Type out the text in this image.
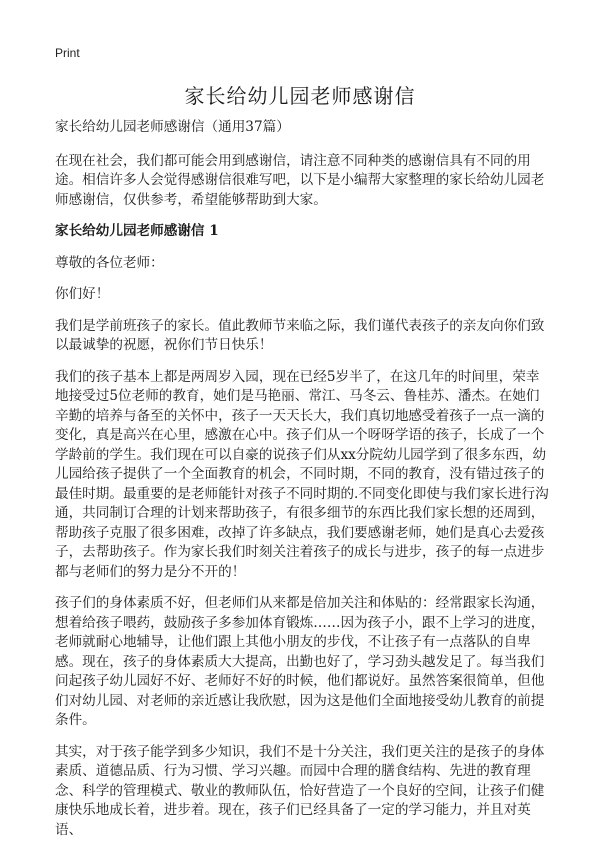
Print
家长给幼儿园老师感谢信

家长给幼儿园老师感谢信（通用37篇）

在现在社会，我们都可能会用到感谢信，请注意不同种类的感谢信具有不同的用途。相信许多人会觉得感谢信很难写吧，以下是小编帮大家整理的家长给幼儿园老师感谢信，仅供参考，希望能够帮助到大家。

家长给幼儿园老师感谢信 1

尊敬的各位老师：

你们好！

我们是学前班孩子的家长。值此教师节来临之际，我们谨代表孩子的亲友向你们致以最诚挚的祝愿，祝你们节日快乐！

我们的孩子基本上都是两周岁入园，现在已经5岁半了，在这几年的时间里，荣幸地接受过5位老师的教育，她们是马艳丽、常江、马冬云、鲁桂苏、潘杰。在她们辛勤的培养与备至的关怀中，孩子一天天长大，我们真切地感受着孩子一点一滴的变化，真是高兴在心里，感激在心中。孩子们从一个呀呀学语的孩子，长成了一个学龄前的学生。我们现在可以自豪的说孩子们从xx分院幼儿园学到了很多东西，幼儿园给孩子提供了一个全面教育的机会，不同时期，不同的教育，没有错过孩子的最佳时期。最重要的是老师能针对孩子不同时期的.不同变化即使与我们家长进行沟通，共同制订合理的计划来帮助孩子，有很多细节的东西比我们家长想的还周到，帮助孩子克服了很多困难，改掉了许多缺点，我们要感谢老师，她们是真心去爱孩子，去帮助孩子。作为家长我们时刻关注着孩子的成长与进步，孩子的每一点进步都与老师们的努力是分不开的！

孩子们的身体素质不好，但老师们从来都是倍加关注和体贴的：经常跟家长沟通，想着给孩子喂药，鼓励孩子多参加体育锻炼……因为孩子小，跟不上学习的进度，老师就耐心地辅导，让他们跟上其他小朋友的步伐，不让孩子有一点落队的自卑感。现在，孩子的身体素质大大提高，出勤也好了，学习劲头越发足了。每当我们问起孩子幼儿园好不好、老师好不好的时候，他们都说好。虽然答案很简单，但他们对幼儿园、对老师的亲近感让我欣慰，因为这是他们全面地接受幼儿教育的前提条件。

其实，对于孩子能学到多少知识，我们不是十分关注，我们更关注的是孩子的身体素质、道德品质、行为习惯、学习兴趣。而园中合理的膳食结构、先进的教育理念、科学的管理模式、敬业的教师队伍，恰好营造了一个良好的空间，让孩子们健康快乐地成长着，进步着。现在，孩子们已经具备了一定的学习能力，并且对英语、
